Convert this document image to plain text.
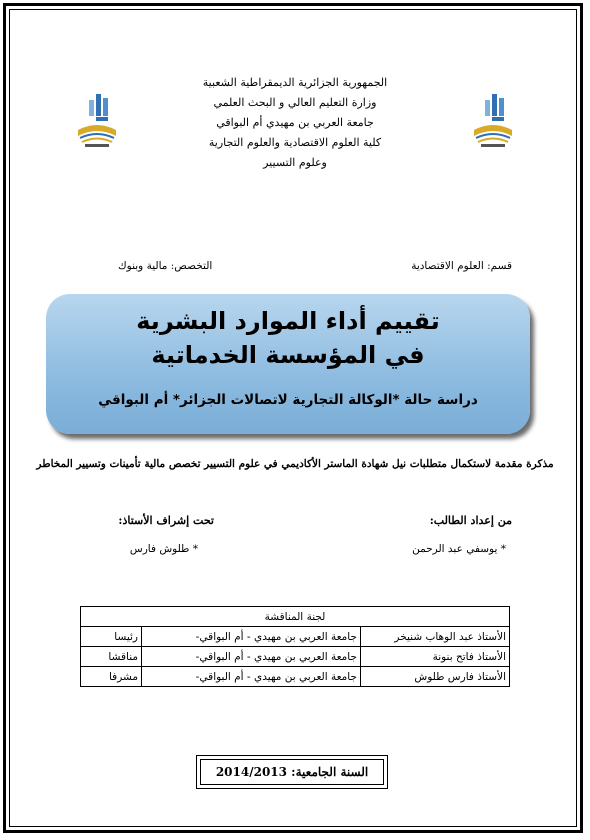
الجمهورية الجزائرية الديمقراطية الشعبية
وزارة التعليم العالي و البحث العلمي
جامعة العربي بن مهيدي أم البواقي
كلية العلوم الاقتصادية والعلوم التجارية
وعلوم التسيير
قسم: العلوم الاقتصادية
التخصص: مالية وبنوك
تقييم أداء الموارد البشرية
في المؤسسة الخدماتية
دراسة حالة *الوكالة التجارية لاتصالات الجزائر* أم البواقي
مذكرة مقدمة لاستكمال متطلبات نيل شهادة الماستر الأكاديمي في علوم التسيير تخصص مالية تأمينات وتسيير المخاطر
من إعداد الطالب:
تحت إشراف الأستاذ:
* يوسفي عبد الرحمن
* طلوش فارس
لجنة المناقشة		
الأستاذ عبد الوهاب شنيخر	جامعة العربي بن مهيدي - أم البواقي-	رئيسا
الأستاذ فاتح بنونة	جامعة العربي بن مهيدي - أم البواقي-	مناقشا
الأستاذ فارس طلوش	جامعة العربي بن مهيدي - أم البواقي-	مشرفا
السنة الجامعية: 2014/2013
